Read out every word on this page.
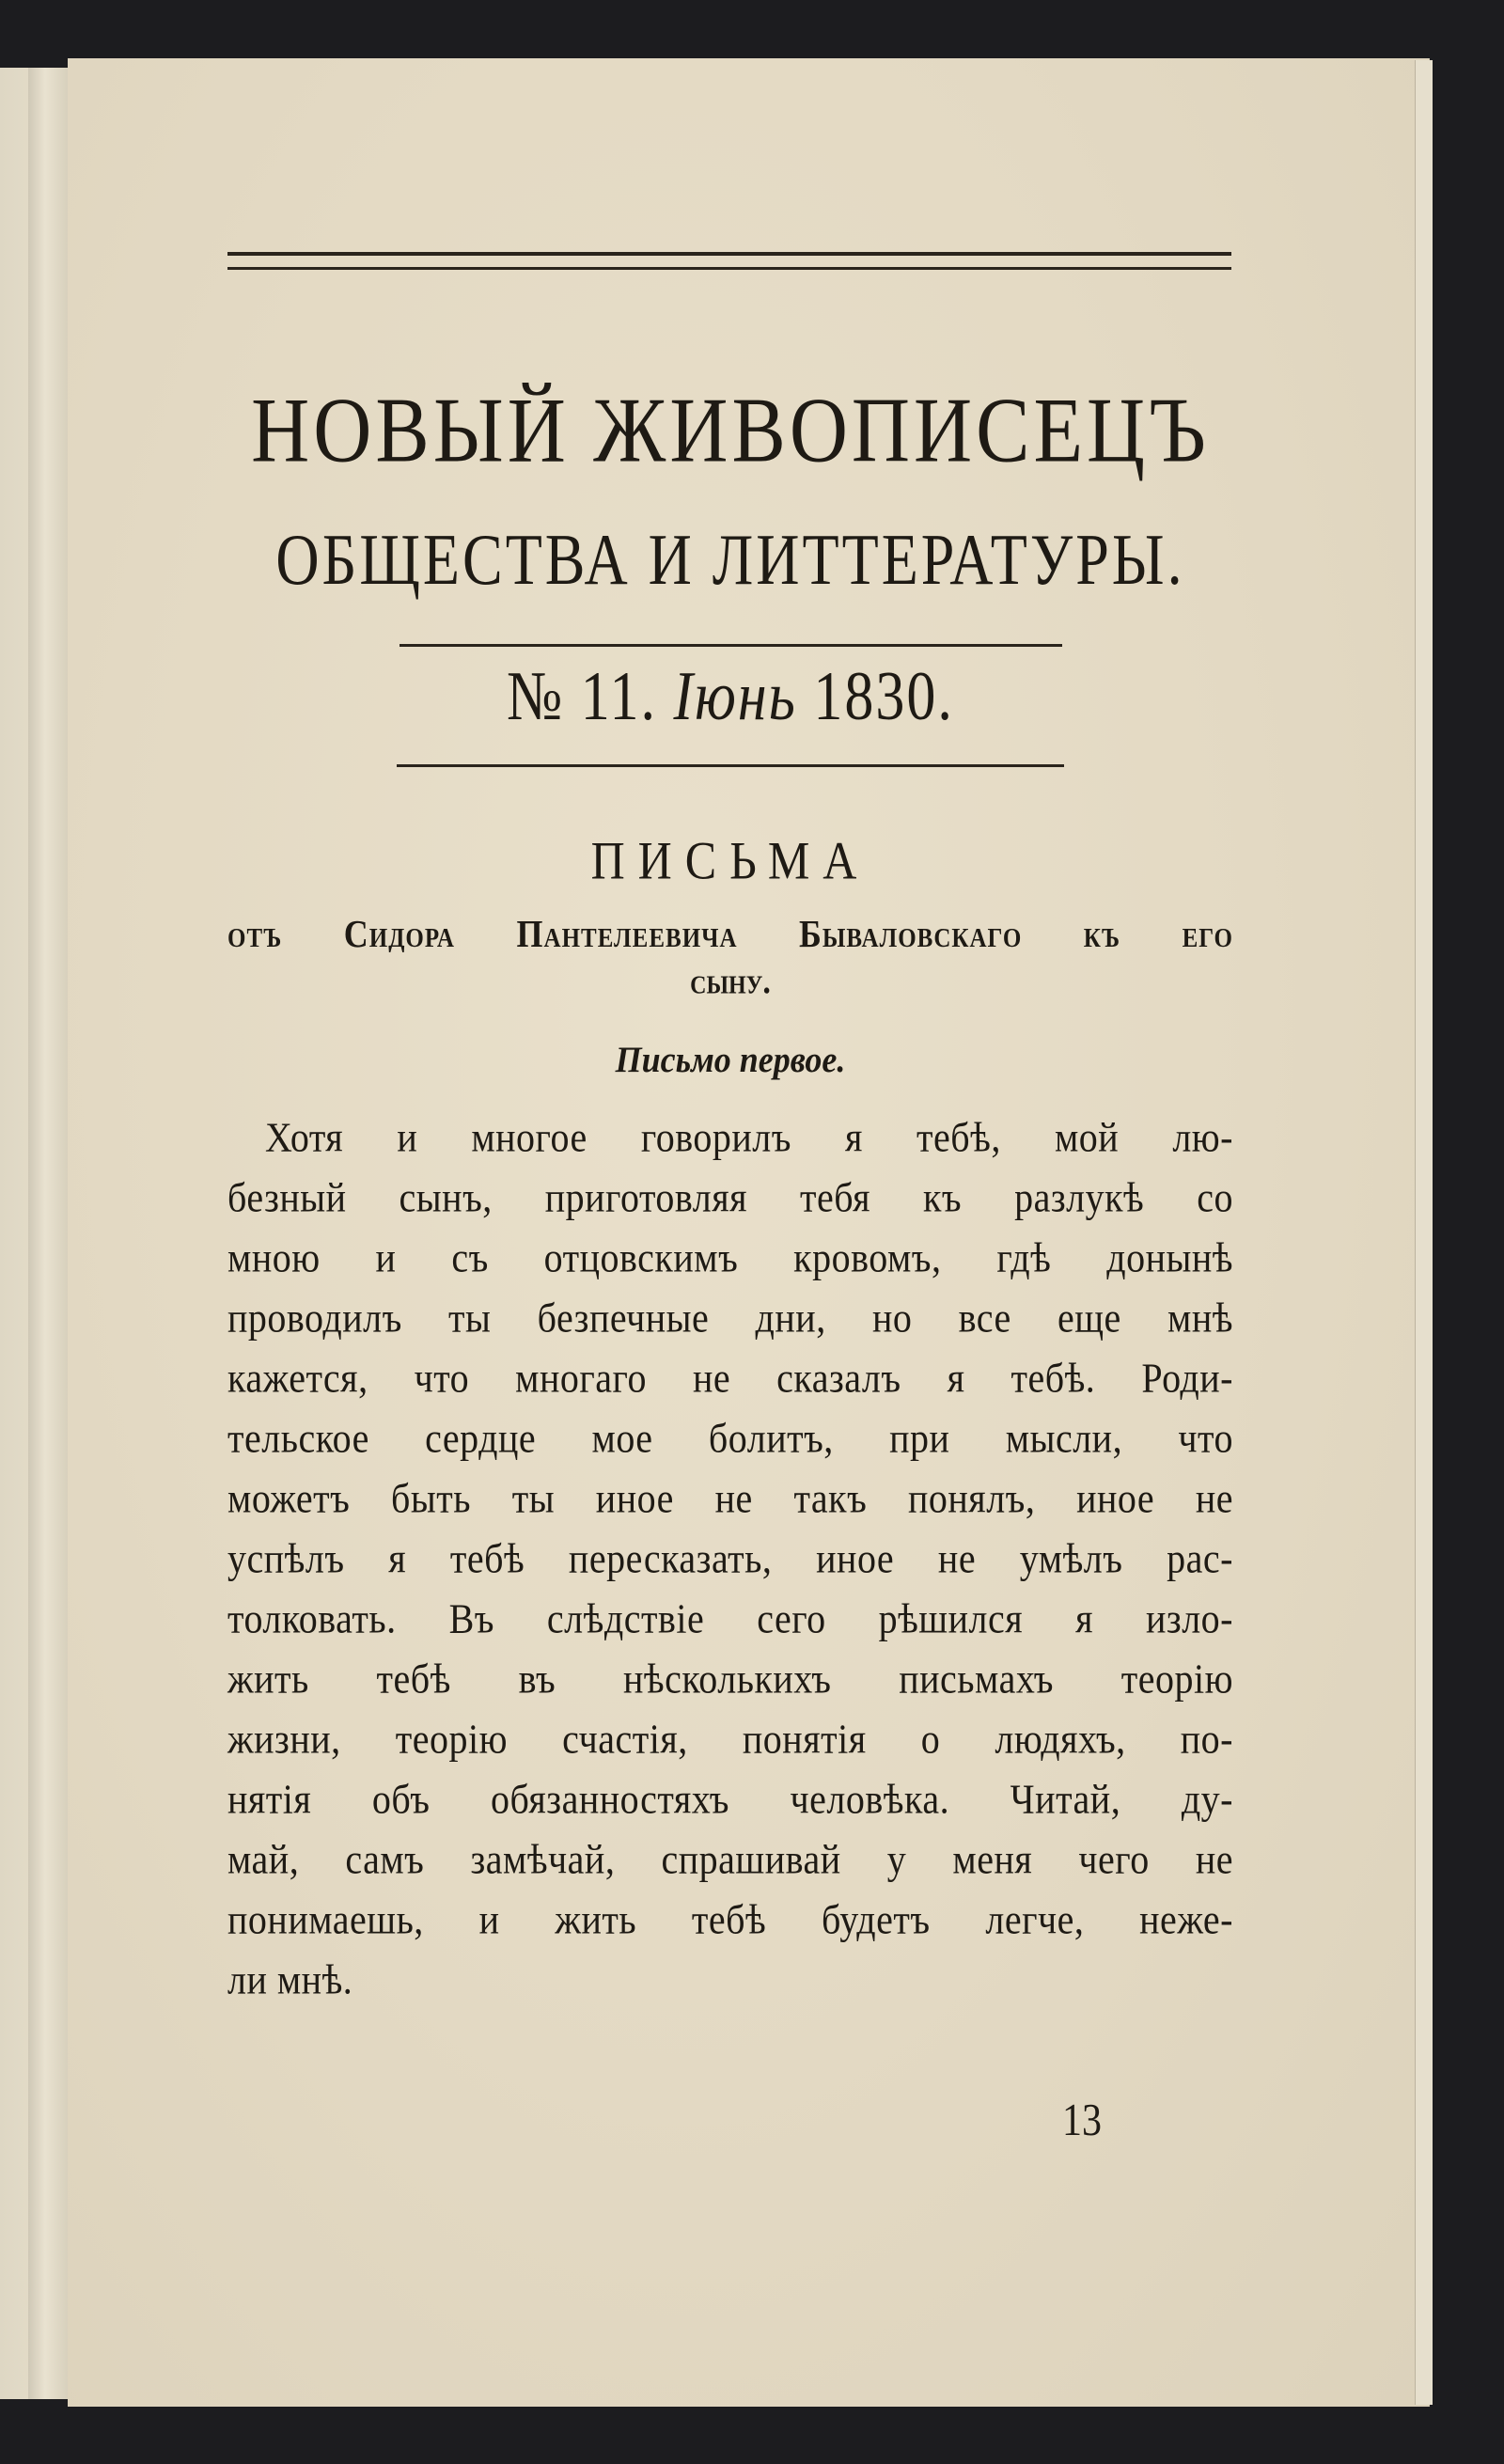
НОВЫЙ ЖИВОПИСЕЦЪ
ОБЩЕСТВА И ЛИТТЕРАТУРЫ.
№ 11. Іюнь 1830.
ПИСЬМА
отъ Сидора Пантелеевича Бываловскаго къ его
сыну.
Письмо первое.
Хотя и многое говорилъ я тебѣ, мой лю-
безный сынъ, приготовляя тебя къ разлукѣ со
мною и съ отцовскимъ кровомъ, гдѣ донынѣ
проводилъ ты безпечные дни, но все еще мнѣ
кажется, что многаго не сказалъ я тебѣ. Роди-
тельское сердце мое болитъ, при мысли, что
можетъ быть ты иное не такъ понялъ, иное не
успѣлъ я тебѣ пересказать, иное не умѣлъ рас-
толковать. Въ слѣдствіе сего рѣшился я изло-
жить тебѣ въ нѣсколькихъ письмахъ теорію
жизни, теорію счастія, понятія о людяхъ, по-
нятія объ обязанностяхъ человѣка. Читай, ду-
май, самъ замѣчай, спрашивай у меня чего не
понимаешь, и жить тебѣ будетъ легче, неже-
ли мнѣ.
13
